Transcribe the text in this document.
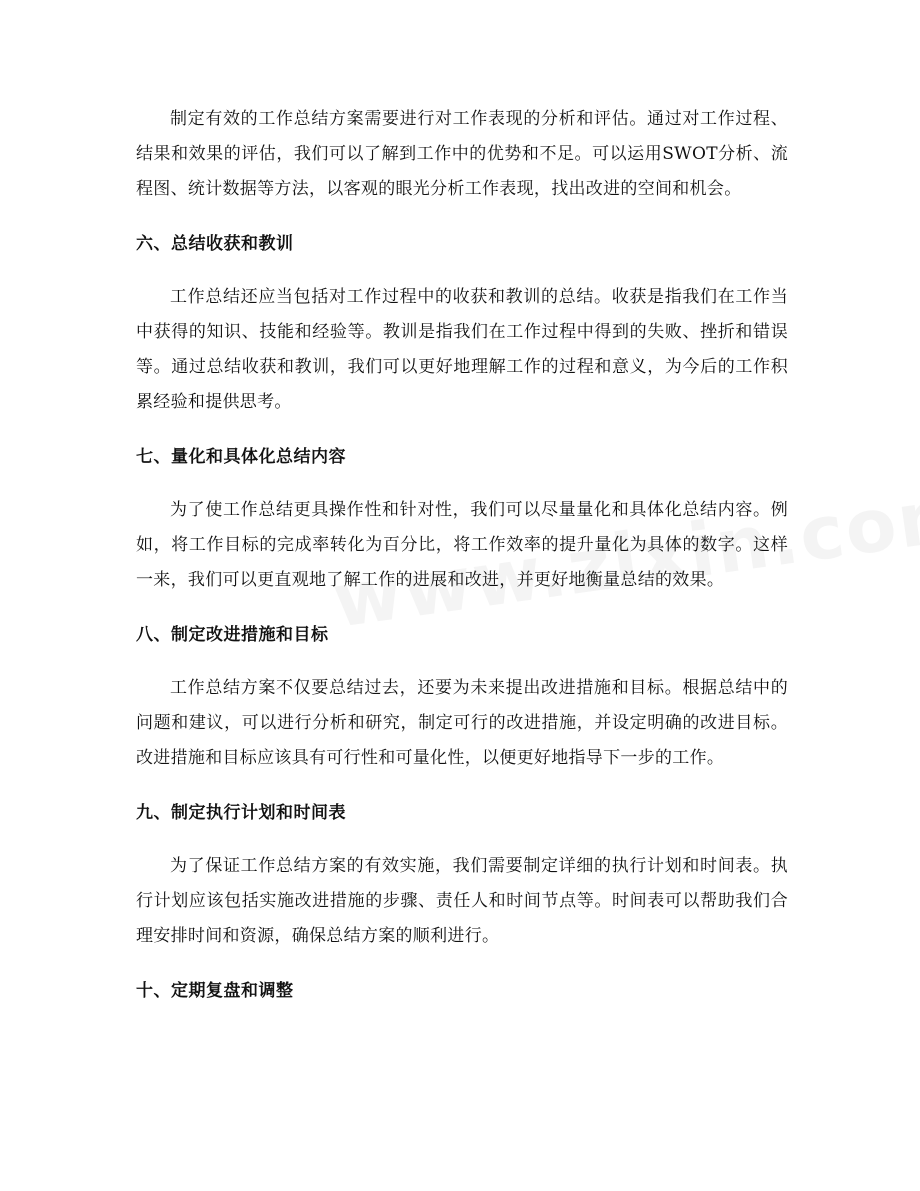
制定有效的工作总结方案需要进行对工作表现的分析和评估。通过对工作过程、结果和效果的评估，我们可以了解到工作中的优势和不足。可以运用SWOT分析、流程图、统计数据等方法，以客观的眼光分析工作表现，找出改进的空间和机会。

六、总结收获和教训

工作总结还应当包括对工作过程中的收获和教训的总结。收获是指我们在工作当中获得的知识、技能和经验等。教训是指我们在工作过程中得到的失败、挫折和错误等。通过总结收获和教训，我们可以更好地理解工作的过程和意义，为今后的工作积累经验和提供思考。

七、量化和具体化总结内容

为了使工作总结更具操作性和针对性，我们可以尽量量化和具体化总结内容。例如，将工作目标的完成率转化为百分比，将工作效率的提升量化为具体的数字。这样一来，我们可以更直观地了解工作的进展和改进，并更好地衡量总结的效果。

八、制定改进措施和目标

工作总结方案不仅要总结过去，还要为未来提出改进措施和目标。根据总结中的问题和建议，可以进行分析和研究，制定可行的改进措施，并设定明确的改进目标。改进措施和目标应该具有可行性和可量化性，以便更好地指导下一步的工作。

九、制定执行计划和时间表

为了保证工作总结方案的有效实施，我们需要制定详细的执行计划和时间表。执行计划应该包括实施改进措施的步骤、责任人和时间节点等。时间表可以帮助我们合理安排时间和资源，确保总结方案的顺利进行。

十、定期复盘和调整
